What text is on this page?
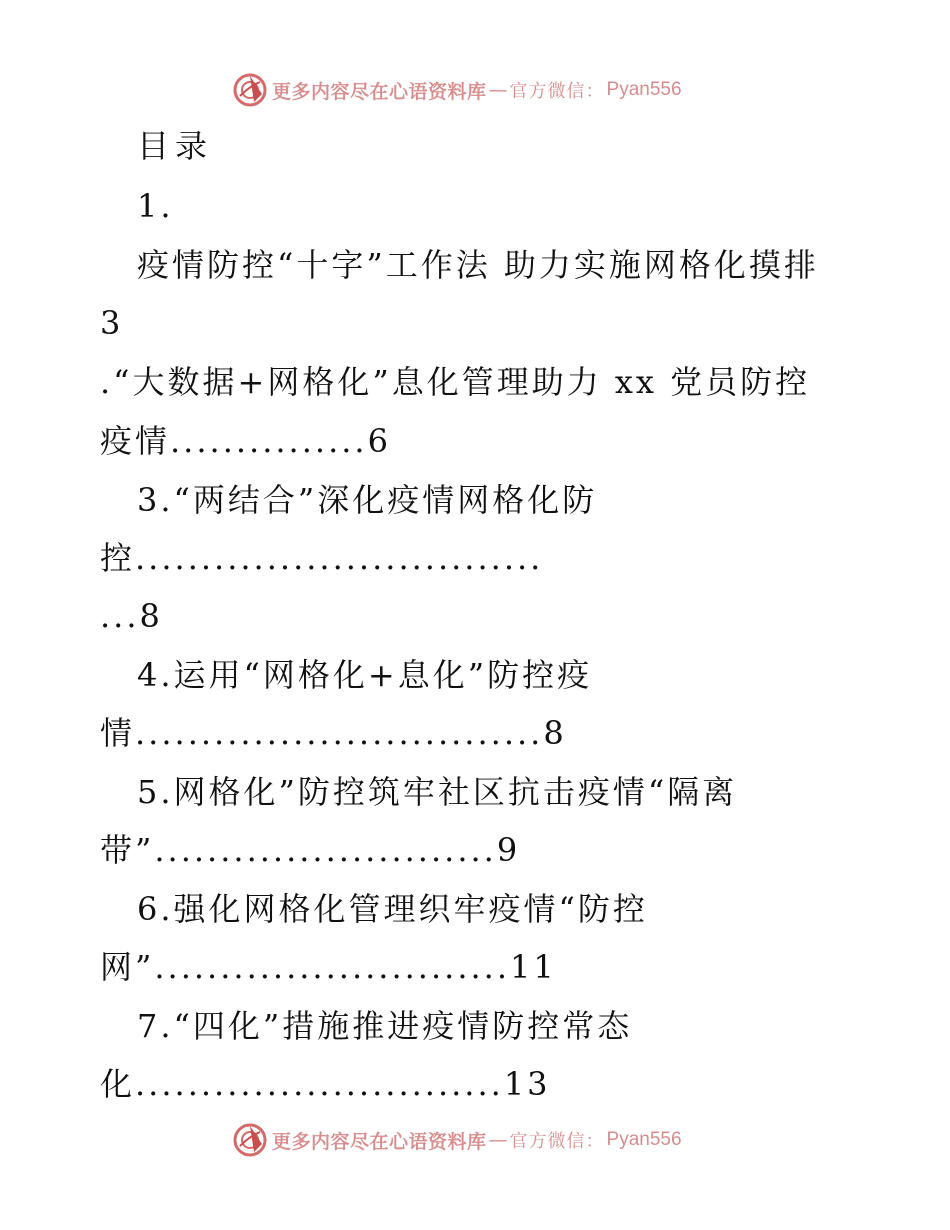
更多内容尽在心语资料库 — 官方微信： Pyan556
目录
1.
疫情防控“十字”工作法 助力实施网格化摸排
3
.“大数据+网格化”息化管理助力 xx 党员防控
疫情...............6
3.“两结合”深化疫情网格化防
控...............................
...8
4.运用“网格化+息化”防控疫
情...............................8
5.网格化”防控筑牢社区抗击疫情“隔离
带”..........................9
6.强化网格化管理织牢疫情“防控
网”...........................11
7.“四化”措施推进疫情防控常态
化............................13
更多内容尽在心语资料库 — 官方微信： Pyan556
